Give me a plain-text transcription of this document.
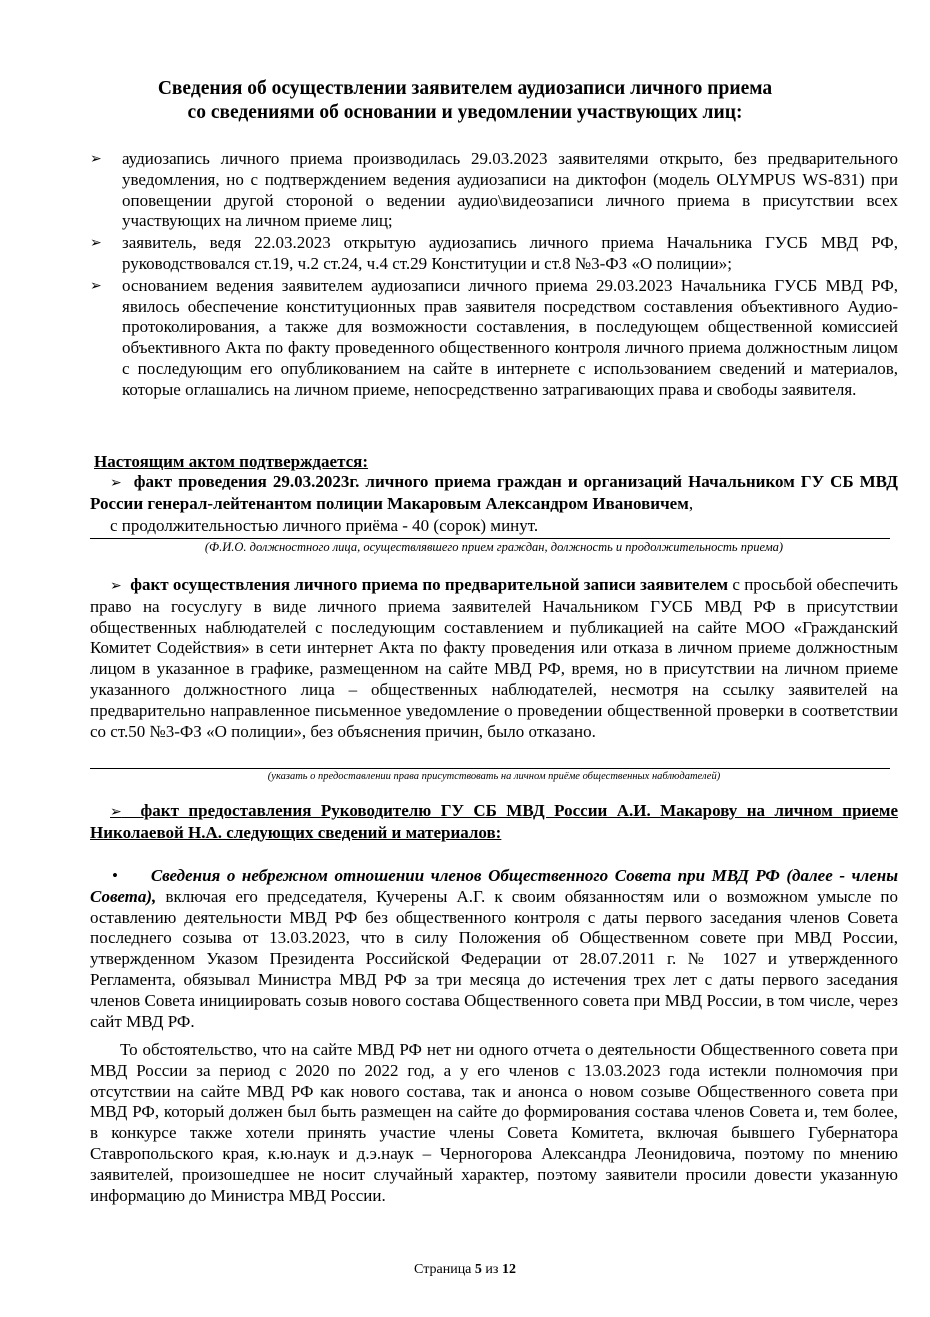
Сведения об осуществлении заявителем аудиозаписи личного приема
со сведениями об основании и уведомлении участвующих лиц:
➢ аудиозапись личного приема производилась 29.03.2023 заявителями открыто, без предварительного уведомления, но с подтверждением ведения аудиозаписи на диктофон (модель OLYMPUS WS-831) при оповещении другой стороной о ведении аудио\видеозаписи личного приема в присутствии всех участвующих на личном приеме лиц;
➢ заявитель, ведя 22.03.2023 открытую аудиозапись личного приема Начальника ГУСБ МВД РФ, руководствовался ст.19, ч.2 ст.24, ч.4 ст.29 Конституции и ст.8 №3-ФЗ «О полиции»;
➢ основанием ведения заявителем аудиозаписи личного приема 29.03.2023 Начальника ГУСБ МВД РФ, явилось обеспечение конституционных прав заявителя посредством составления объективного Аудио-протоколирования, а также для возможности составления, в последующем общественной комиссией объективного Акта по факту проведенного общественного контроля личного приема должностным лицом с последующим его опубликованием на сайте в интернете с использованием сведений и материалов, которые оглашались на личном приеме, непосредственно затрагивающих права и свободы заявителя.
Настоящим актом подтверждается:
➢ факт проведения 29.03.2023г. личного приема граждан и организаций Начальником ГУ СБ МВД России генерал-лейтенантом полиции Макаровым Александром Ивановичем,
с продолжительностью личного приёма - 40 (сорок) минут.
(Ф.И.О. должностного лица, осуществлявшего прием граждан, должность и продолжительность приема)
➢ факт осуществления личного приема по предварительной записи заявителем с просьбой обеспечить право на госуслугу в виде личного приема заявителей Начальником ГУСБ МВД РФ в присутствии общественных наблюдателей с последующим составлением и публикацией на сайте МОО «Гражданский Комитет Содействия» в сети интернет Акта по факту проведения или отказа в личном приеме должностным лицом в указанное в графике, размещенном на сайте МВД РФ, время, но в присутствии на личном приеме указанного должностного лица – общественных наблюдателей, несмотря на ссылку заявителей на предварительно направленное письменное уведомление о проведении общественной проверки в соответствии со ст.50 №3-ФЗ «О полиции», без объяснения причин, было отказано.
(указать о предоставлении права присутствовать на личном приёме общественных наблюдателей)
➢ факт предоставления Руководителю ГУ СБ МВД России А.И. Макарову на личном приеме Николаевой Н.А. следующих сведений и материалов:
• Сведения о небрежном отношении членов Общественного Совета при МВД РФ (далее - члены Совета), включая его председателя, Кучерены А.Г. к своим обязанностям или о возможном умысле по оставлению деятельности МВД РФ без общественного контроля с даты первого заседания членов Совета последнего созыва от 13.03.2023, что в силу Положения об Общественном совете при МВД России, утвержденном Указом Президента Российской Федерации от 28.07.2011 г. № 1027 и утвержденного Регламента, обязывал Министра МВД РФ за три месяца до истечения трех лет с даты первого заседания членов Совета инициировать созыв нового состава Общественного совета при МВД России, в том числе, через сайт МВД РФ.
То обстоятельство, что на сайте МВД РФ нет ни одного отчета о деятельности Общественного совета при МВД России за период с 2020 по 2022 год, а у его членов с 13.03.2023 года истекли полномочия при отсутствии на сайте МВД РФ как нового состава, так и анонса о новом созыве Общественного совета при МВД РФ, который должен был быть размещен на сайте до формирования состава членов Совета и, тем более, в конкурсе также хотели принять участие члены Совета Комитета, включая бывшего Губернатора Ставропольского края, к.ю.наук и д.э.наук – Черногорова Александра Леонидовича, поэтому по мнению заявителей, произошедшее не носит случайный характер, поэтому заявители просили довести указанную информацию до Министра МВД России.
Страница 5 из 12
